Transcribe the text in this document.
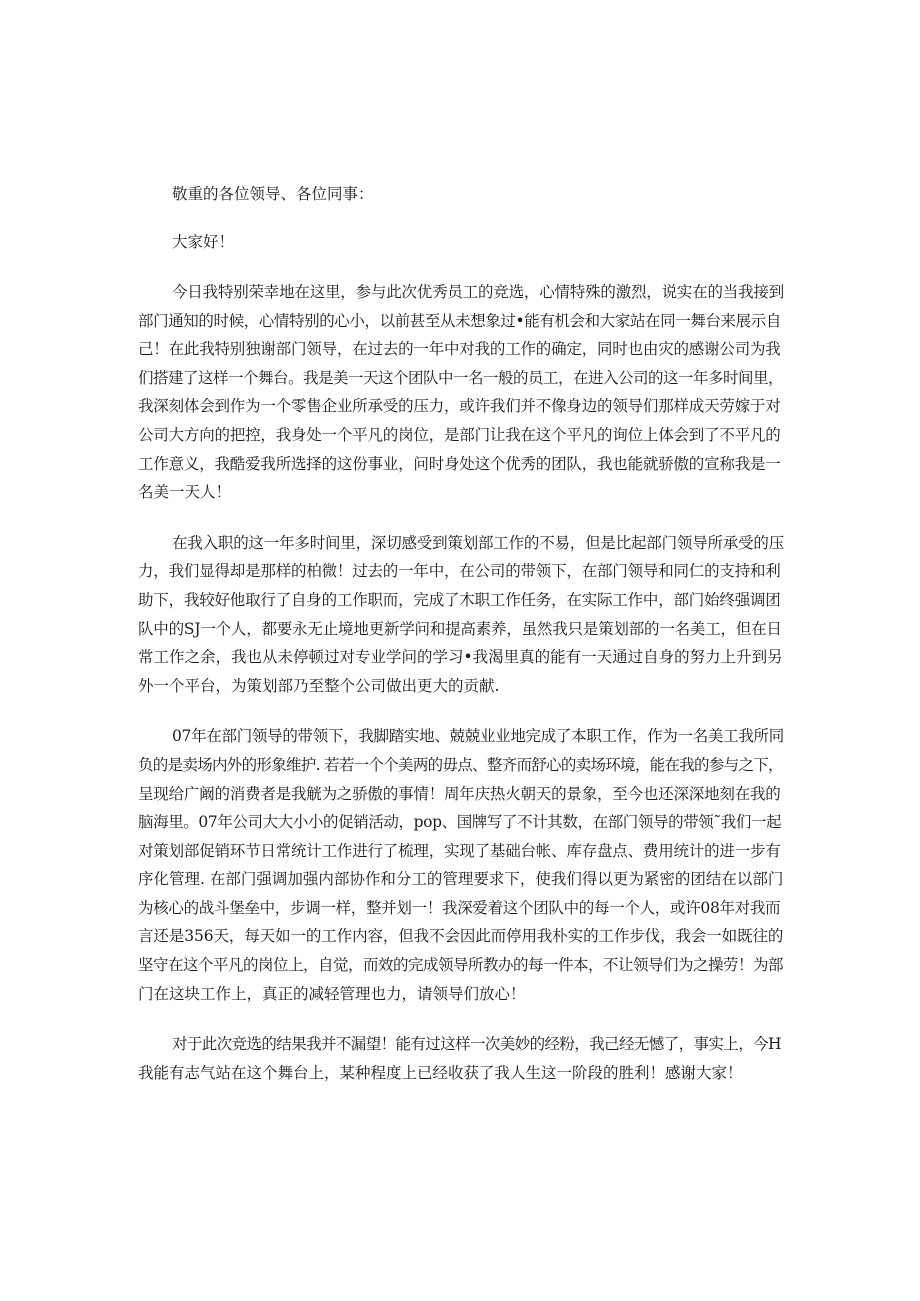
敬重的各位领导、各位同事：
大家好！
今日我特别荣幸地在这里，参与此次优秀员工的竞选，心情特殊的激烈，说实在的当我接到
部门通知的时候，心情特别的心小，以前甚至从未想象过•能有机会和大家站在同一舞台来展示自
己！在此我特别独谢部门领导，在过去的一年中对我的工作的确定，同时也由灾的感谢公司为我
们搭建了这样一个舞台。我是美一天这个团队中一名一般的员工，在进入公司的这一年多时间里，
我深刻体会到作为一个零售企业所承受的压力，或许我们并不像身边的领导们那样成天劳嫁于对
公司大方向的把控，我身处一个平凡的岗位，是部门让我在这个平凡的询位上体会到了不平凡的
工作意义，我酷爱我所选择的这份事业，问时身处这个优秀的团队，我也能就骄傲的宣称我是一
名美一天人！
在我入职的这一年多时间里，深切感受到策划部工作的不易，但是比起部门领导所承受的压
力，我们显得却是那样的柏微！过去的一年中，在公司的带领下，在部门领导和同仁的支持和利
助下，我较好他取行了自身的工作职而，完成了木职工作任务，在实际工作中，部门始终强调团
队中的SJ一个人，都要永无止境地更新学问和提高素养，虽然我只是策划部的一名美工，但在日
常工作之余，我也从未停顿过对专业学问的学习•我渴里真的能有一天通过自身的努力上升到另
外一个平台，为策划部乃至整个公司做出更大的贡献.
07年在部门领导的带领下，我脚踏实地、兢兢业业地完成了本职工作，作为一名美工我所同
负的是卖场内外的形象维护. 若若一个个美两的毋点、整齐而舒心的卖场环境，能在我的参与之下，
呈现给广阚的消费者是我觥为之骄傲的事情！周年庆热火朝天的景象，至今也还深深地刻在我的
脑海里。07年公司大大小小的促销活动，pop、国牌写了不计其数，在部门领导的带领˜我们一起
对策划部促销环节日常统计工作进行了梳理，实现了基础台帐、库存盘点、费用统计的进一步有
序化管理. 在部门强调加强内部协作和分工的管理要求下，使我们得以更为紧密的团结在以部门
为核心的战斗堡垒中，步调一样，整并划一！我深爱着这个团队中的每一个人，或许08年对我而
言还是356天，每天如一的工作内容，但我不会因此而停用我朴实的工作步伐，我会一如既往的
坚守在这个平凡的岗位上，自觉，而效的完成领导所教办的每一件本，不让领导们为之操劳！为部
门在这块工作上，真正的减轻管理也力，请领导们放心！
对于此次竞选的结果我并不漏望！能有过这样一次美妙的经粉，我己经无憾了，事实上，今H
我能有志气站在这个舞台上，某种程度上已经收获了我人生这一阶段的胜利！感谢大家！
